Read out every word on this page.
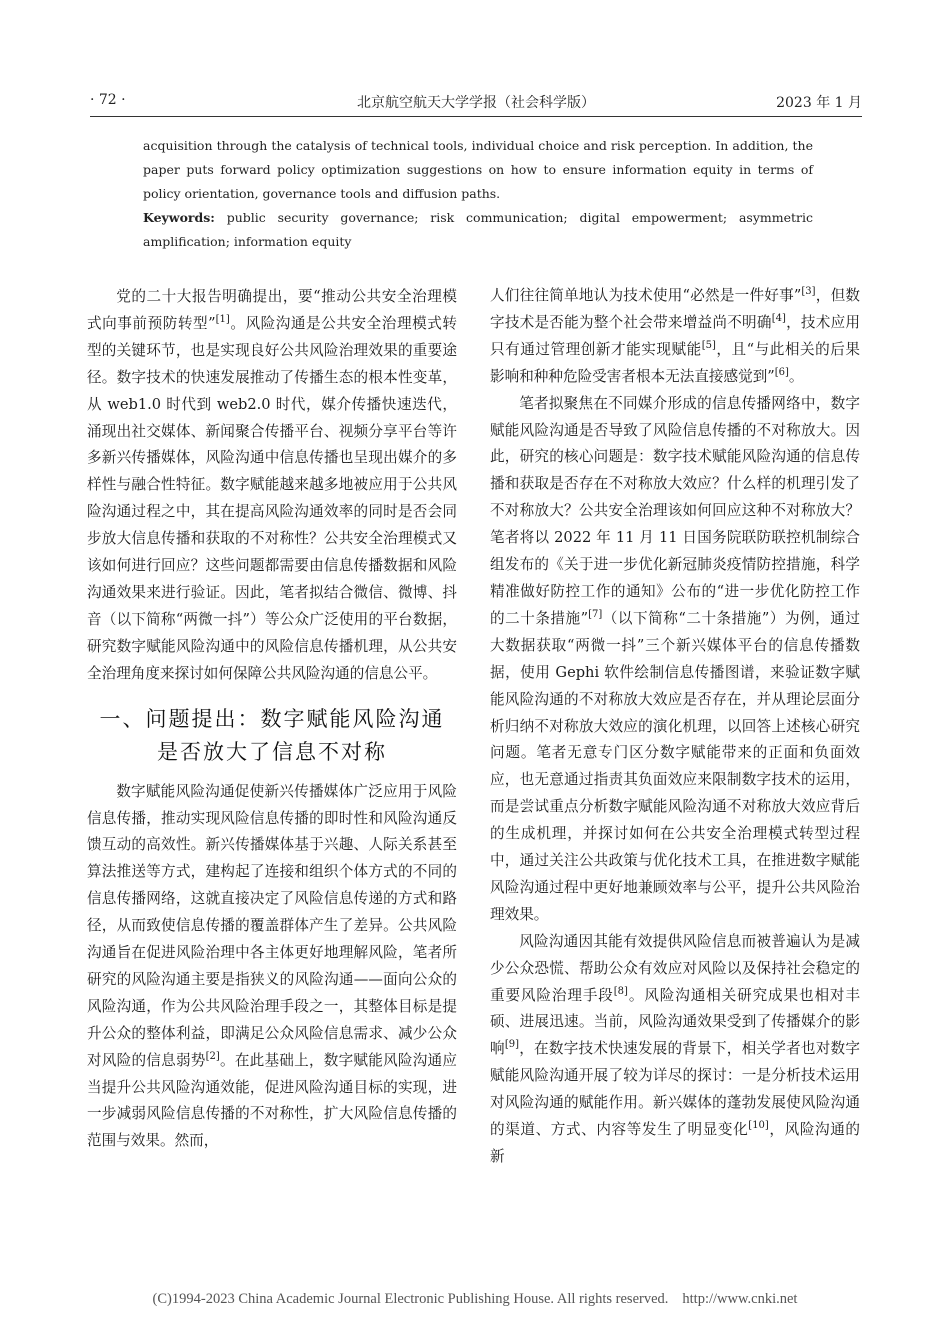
· 72 ·	北京航空航天大学学报（社会科学版）	2023 年 1 月

acquisition through the catalysis of technical tools, individual choice and risk perception. In addition, the paper puts forward policy optimization suggestions on how to ensure information equity in terms of policy orientation, governance tools and diffusion paths.

Keywords: public security governance; risk communication; digital empowerment; asymmetric amplification; information equity

党的二十大报告明确提出，要“推动公共安全治理模式向事前预防转型”[1]。风险沟通是公共安全治理模式转型的关键环节，也是实现良好公共风险治理效果的重要途径。数字技术的快速发展推动了传播生态的根本性变革，从 web1.0 时代到 web2.0 时代，媒介传播快速迭代，涌现出社交媒体、新闻聚合传播平台、视频分享平台等许多新兴传播媒体，风险沟通中信息传播也呈现出媒介的多样性与融合性特征。数字赋能越来越多地被应用于公共风险沟通过程之中，其在提高风险沟通效率的同时是否会同步放大信息传播和获取的不对称性？公共安全治理模式又该如何进行回应？这些问题都需要由信息传播数据和风险沟通效果来进行验证。因此，笔者拟结合微信、微博、抖音（以下简称“两微一抖”）等公众广泛使用的平台数据，研究数字赋能风险沟通中的风险信息传播机理，从公共安全治理角度来探讨如何保障公共风险沟通的信息公平。

一、问题提出：数字赋能风险沟通
是否放大了信息不对称

数字赋能风险沟通促使新兴传播媒体广泛应用于风险信息传播，推动实现风险信息传播的即时性和风险沟通反馈互动的高效性。新兴传播媒体基于兴趣、人际关系甚至算法推送等方式，建构起了连接和组织个体方式的不同的信息传播网络，这就直接决定了风险信息传递的方式和路径，从而致使信息传播的覆盖群体产生了差异。公共风险沟通旨在促进风险治理中各主体更好地理解风险，笔者所研究的风险沟通主要是指狭义的风险沟通——面向公众的风险沟通，作为公共风险治理手段之一，其整体目标是提升公众的整体利益，即满足公众风险信息需求、减少公众对风险的信息弱势[2]。在此基础上，数字赋能风险沟通应当提升公共风险沟通效能，促进风险沟通目标的实现，进一步减弱风险信息传播的不对称性，扩大风险信息传播的范围与效果。然而，

人们往往简单地认为技术使用“必然是一件好事”[3]，但数字技术是否能为整个社会带来增益尚不明确[4]，技术应用只有通过管理创新才能实现赋能[5]，且“与此相关的后果影响和种种危险受害者根本无法直接感觉到”[6]。

笔者拟聚焦在不同媒介形成的信息传播网络中，数字赋能风险沟通是否导致了风险信息传播的不对称放大。因此，研究的核心问题是：数字技术赋能风险沟通的信息传播和获取是否存在不对称放大效应？什么样的机理引发了不对称放大？公共安全治理该如何回应这种不对称放大？笔者将以 2022 年 11 月 11 日国务院联防联控机制综合组发布的《关于进一步优化新冠肺炎疫情防控措施，科学精准做好防控工作的通知》公布的“进一步优化防控工作的二十条措施”[7]（以下简称“二十条措施”）为例，通过大数据获取“两微一抖”三个新兴媒体平台的信息传播数据，使用 Gephi 软件绘制信息传播图谱，来验证数字赋能风险沟通的不对称放大效应是否存在，并从理论层面分析归纳不对称放大效应的演化机理，以回答上述核心研究问题。笔者无意专门区分数字赋能带来的正面和负面效应，也无意通过指责其负面效应来限制数字技术的运用，而是尝试重点分析数字赋能风险沟通不对称放大效应背后的生成机理，并探讨如何在公共安全治理模式转型过程中，通过关注公共政策与优化技术工具，在推进数字赋能风险沟通过程中更好地兼顾效率与公平，提升公共风险治理效果。

风险沟通因其能有效提供风险信息而被普遍认为是减少公众恐慌、帮助公众有效应对风险以及保持社会稳定的重要风险治理手段[8]。风险沟通相关研究成果也相对丰硕、进展迅速。当前，风险沟通效果受到了传播媒介的影响[9]，在数字技术快速发展的背景下，相关学者也对数字赋能风险沟通开展了较为详尽的探讨：一是分析技术运用对风险沟通的赋能作用。新兴媒体的蓬勃发展使风险沟通的渠道、方式、内容等发生了明显变化[10]，风险沟通的新

(C)1994-2023 China Academic Journal Electronic Publishing House. All rights reserved. http://www.cnki.net
